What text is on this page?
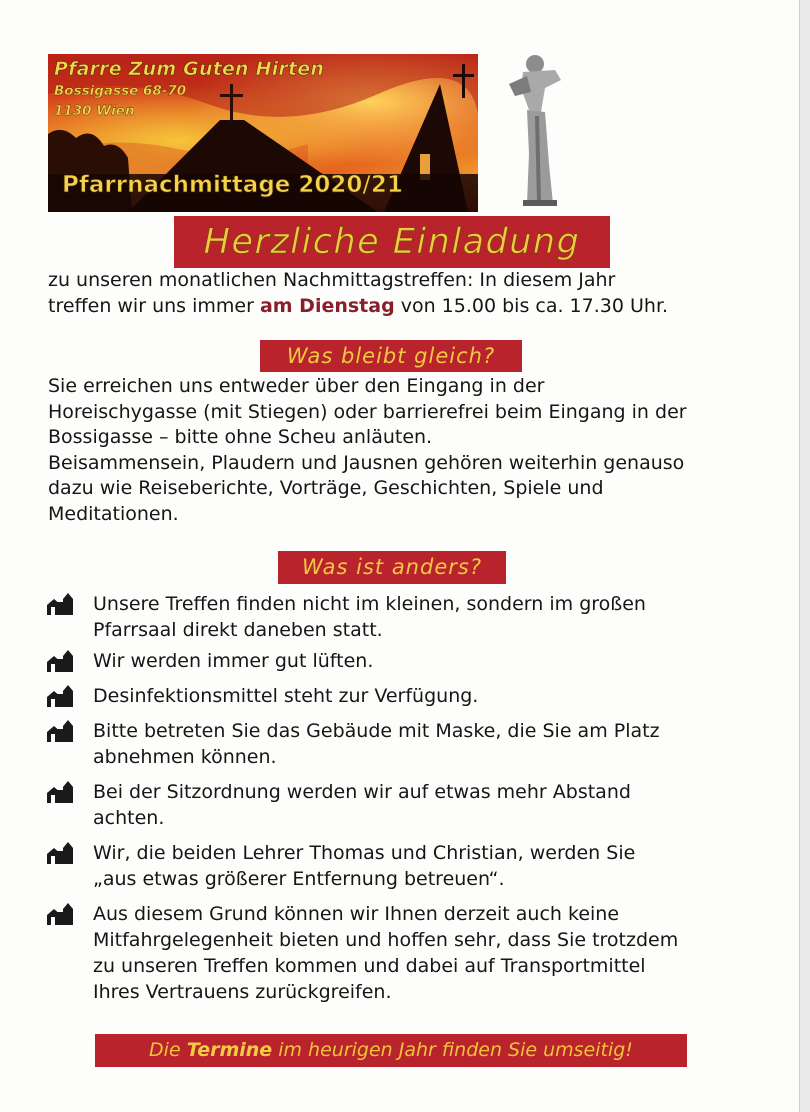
Pfarre Zum Guten Hirten
Bossigasse 68-70
1130 Wien
Pfarrnachmittage 2020/21
Herzliche Einladung
zu unseren monatlichen Nachmittagstreffen: In diesem Jahr
treffen wir uns immer am Dienstag von 15.00 bis ca. 17.30 Uhr.
Was bleibt gleich?
Sie erreichen uns entweder über den Eingang in der
Horeischygasse (mit Stiegen) oder barrierefrei beim Eingang in der
Bossigasse – bitte ohne Scheu anläuten.
Beisammensein, Plaudern und Jausnen gehören weiterhin genauso
dazu wie Reiseberichte, Vorträge, Geschichten, Spiele und
Meditationen.
Was ist anders?
Unsere Treffen finden nicht im kleinen, sondern im großen
Pfarrsaal direkt daneben statt.
Wir werden immer gut lüften.
Desinfektionsmittel steht zur Verfügung.
Bitte betreten Sie das Gebäude mit Maske, die Sie am Platz
abnehmen können.
Bei der Sitzordnung werden wir auf etwas mehr Abstand
achten.
Wir, die beiden Lehrer Thomas und Christian, werden Sie
„aus etwas größerer Entfernung betreuen“.
Aus diesem Grund können wir Ihnen derzeit auch keine
Mitfahrgelegenheit bieten und hoffen sehr, dass Sie trotzdem
zu unseren Treffen kommen und dabei auf Transportmittel
Ihres Vertrauens zurückgreifen.
Die Termine im heurigen Jahr finden Sie umseitig!
